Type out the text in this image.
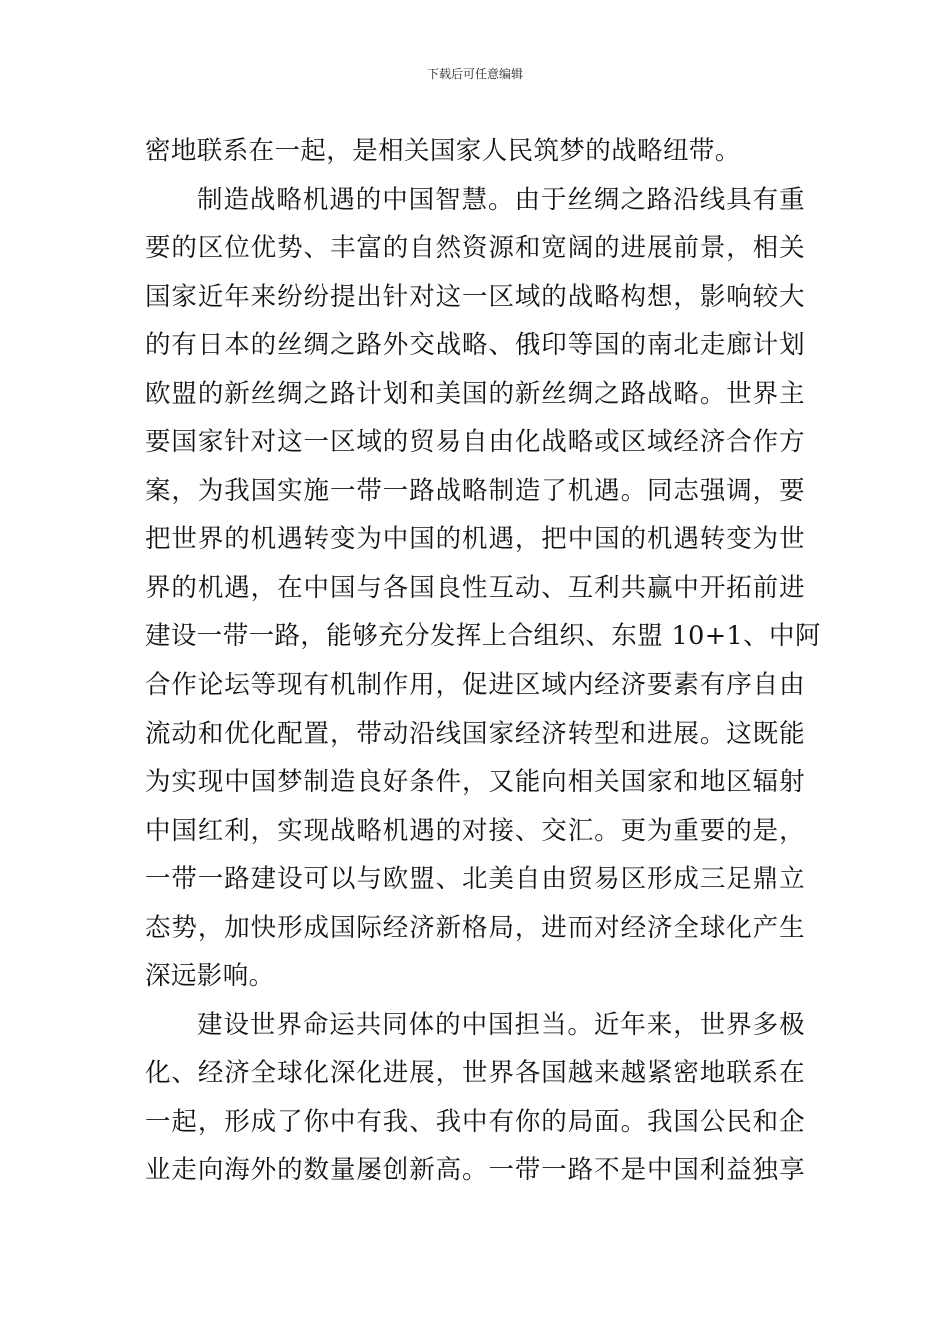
下载后可任意编辑
密地联系在一起，是相关国家人民筑梦的战略纽带。
制造战略机遇的中国智慧。由于丝绸之路沿线具有重
要的区位优势、丰富的自然资源和宽阔的进展前景，相关
国家近年来纷纷提出针对这一区域的战略构想，影响较大
的有日本的丝绸之路外交战略、俄印等国的南北走廊计划
欧盟的新丝绸之路计划和美国的新丝绸之路战略。世界主
要国家针对这一区域的贸易自由化战略或区域经济合作方
案，为我国实施一带一路战略制造了机遇。同志强调，要
把世界的机遇转变为中国的机遇，把中国的机遇转变为世
界的机遇，在中国与各国良性互动、互利共赢中开拓前进
建设一带一路，能够充分发挥上合组织、东盟 10+1、中阿
合作论坛等现有机制作用，促进区域内经济要素有序自由
流动和优化配置，带动沿线国家经济转型和进展。这既能
为实现中国梦制造良好条件，又能向相关国家和地区辐射
中国红利，实现战略机遇的对接、交汇。更为重要的是，
一带一路建设可以与欧盟、北美自由贸易区形成三足鼎立
态势，加快形成国际经济新格局，进而对经济全球化产生
深远影响。
建设世界命运共同体的中国担当。近年来，世界多极
化、经济全球化深化进展，世界各国越来越紧密地联系在
一起，形成了你中有我、我中有你的局面。我国公民和企
业走向海外的数量屡创新高。一带一路不是中国利益独享
